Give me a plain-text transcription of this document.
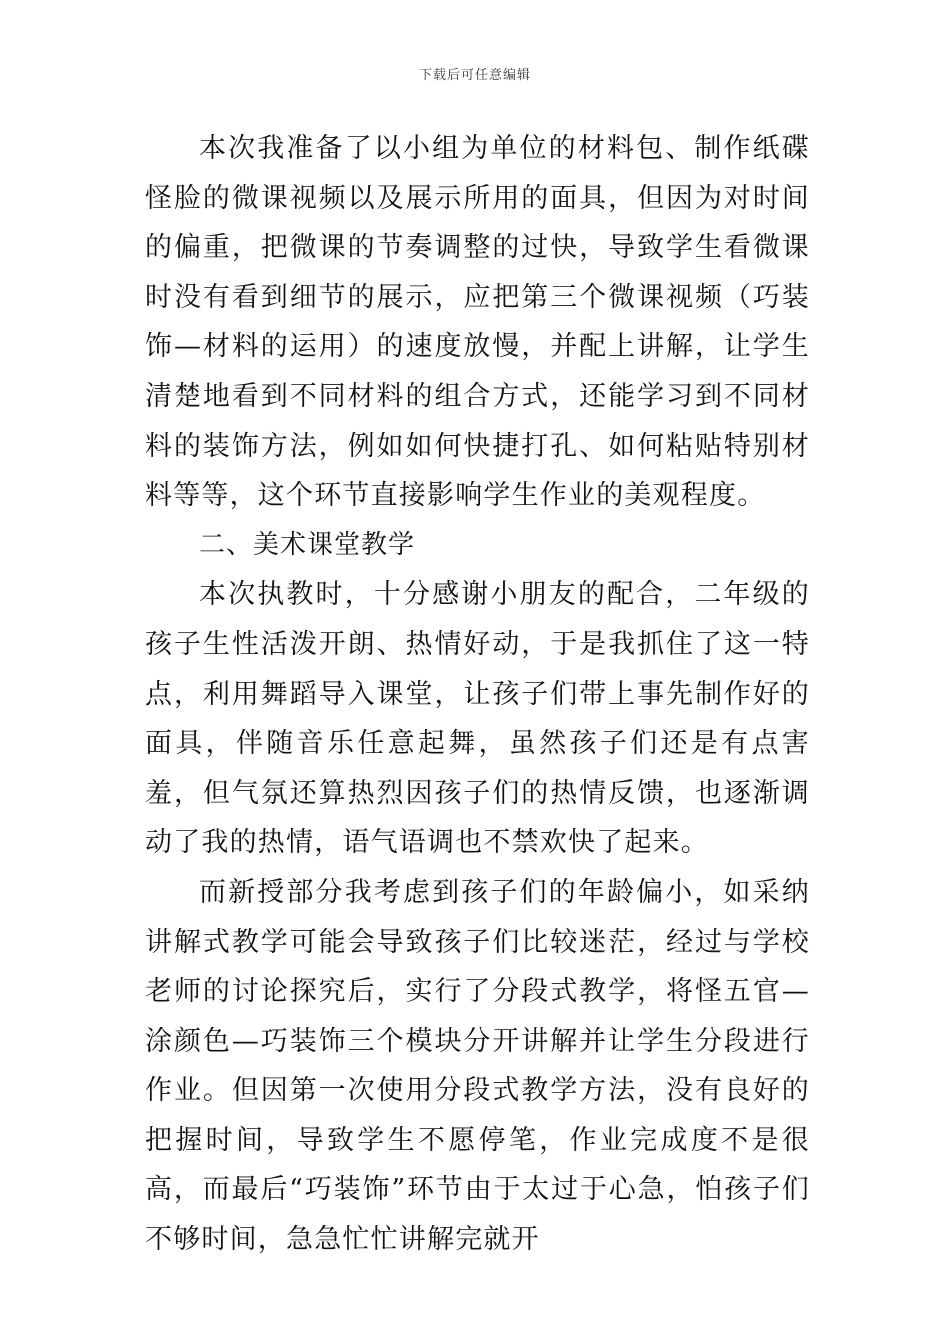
下载后可任意编辑

本次我准备了以小组为单位的材料包、制作纸碟怪脸的微课视频以及展示所用的面具，但因为对时间的偏重，把微课的节奏调整的过快，导致学生看微课时没有看到细节的展示，应把第三个微课视频（巧装饰—材料的运用）的速度放慢，并配上讲解，让学生清楚地看到不同材料的组合方式，还能学习到不同材料的装饰方法，例如如何快捷打孔、如何粘贴特别材料等等，这个环节直接影响学生作业的美观程度。

二、美术课堂教学

本次执教时，十分感谢小朋友的配合，二年级的孩子生性活泼开朗、热情好动，于是我抓住了这一特点，利用舞蹈导入课堂，让孩子们带上事先制作好的面具，伴随音乐任意起舞，虽然孩子们还是有点害羞，但气氛还算热烈因孩子们的热情反馈，也逐渐调动了我的热情，语气语调也不禁欢快了起来。

而新授部分我考虑到孩子们的年龄偏小，如采纳讲解式教学可能会导致孩子们比较迷茫，经过与学校老师的讨论探究后，实行了分段式教学，将怪五官—涂颜色—巧装饰三个模块分开讲解并让学生分段进行作业。但因第一次使用分段式教学方法，没有良好的把握时间，导致学生不愿停笔，作业完成度不是很高，而最后“巧装饰”环节由于太过于心急，怕孩子们不够时间，急急忙忙讲解完就开
